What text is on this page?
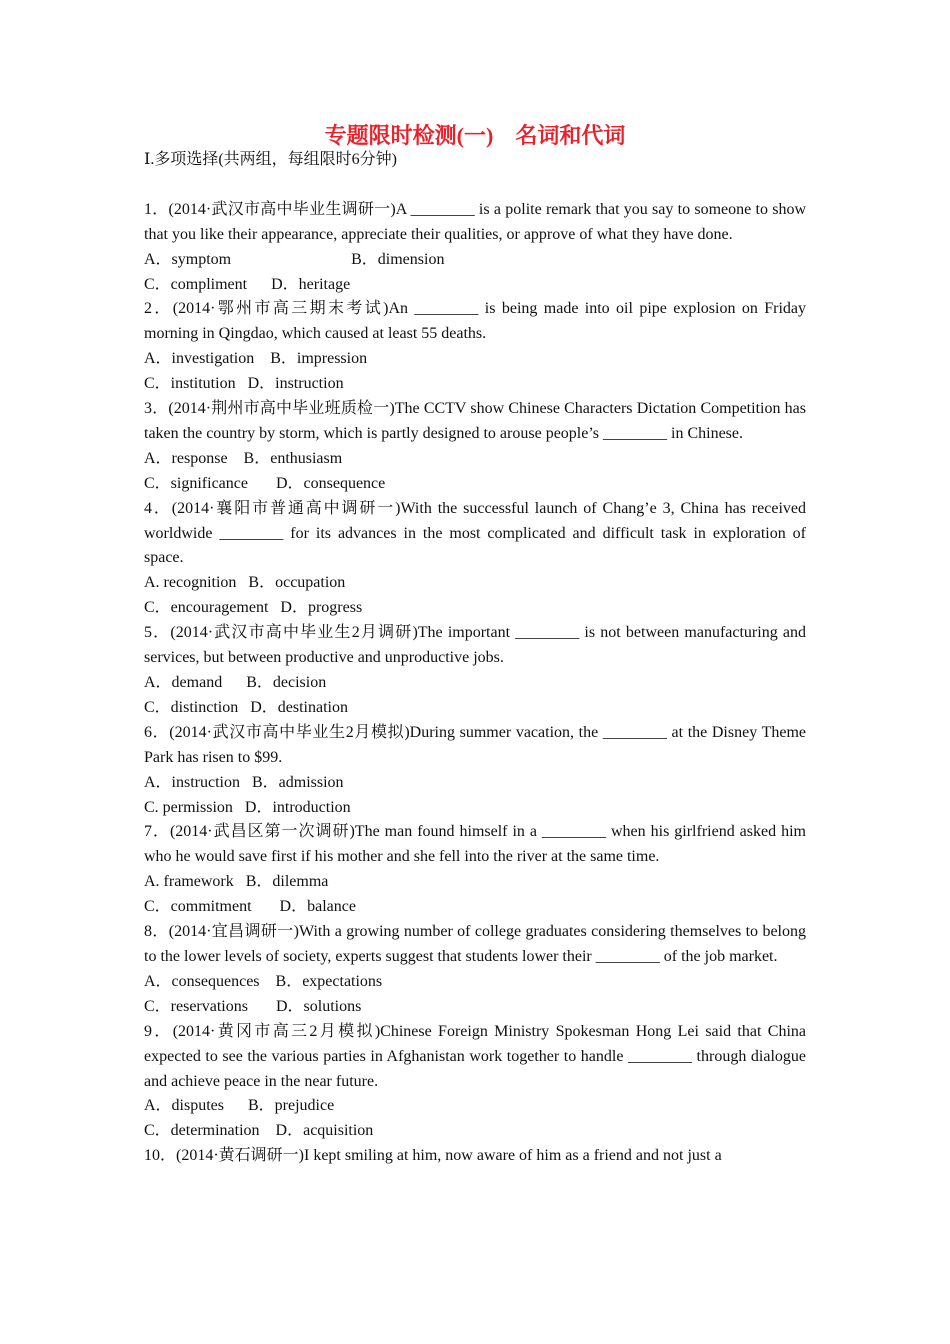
专题限时检测(一)　名词和代词
Ⅰ.多项选择(共两组，每组限时6分钟)
1．(2014·武汉市高中毕业生调研一)A ________ is a polite remark that you say to someone to show that you like their appearance, appreciate their qualities, or approve of what they have done.
A．symptom                              B．dimension
C．compliment      D．heritage
2．(2014·鄂州市高三期末考试)An ________ is being made into oil pipe explosion on Friday morning in Qingdao, which caused at least 55 deaths.
A．investigation    B．impression
C．institution   D．instruction
3．(2014·荆州市高中毕业班质检一)The CCTV show Chinese Characters Dictation Competition has taken the country by storm, which is partly designed to arouse people’s ________ in Chinese.
A．response    B．enthusiasm
C．significance       D．consequence
4．(2014·襄阳市普通高中调研一)With the successful launch of Chang’e 3, China has received worldwide ________ for its advances in the most complicated and difficult task in exploration of space.
A. recognition   B．occupation
C．encouragement   D．progress
5．(2014·武汉市高中毕业生2月调研)The important ________ is not between manufacturing and services, but between productive and unproductive jobs.
A．demand      B．decision
C．distinction   D．destination
6．(2014·武汉市高中毕业生2月模拟)During summer vacation, the ________ at the Disney Theme Park has risen to $99.
A．instruction   B．admission
C. permission   D．introduction
7．(2014·武昌区第一次调研)The man found himself in a ________ when his girlfriend asked him who he would save first if his mother and she fell into the river at the same time.
A. framework   B．dilemma
C．commitment       D．balance
8．(2014·宜昌调研一)With a growing number of college graduates considering themselves to belong to the lower levels of society, experts suggest that students lower their ________ of the job market.
A．consequences    B．expectations
C．reservations       D．solutions
9．(2014·黄冈市高三2月模拟)Chinese Foreign Ministry Spokesman Hong Lei said that China expected to see the various parties in Afghanistan work together to handle ________ through dialogue and achieve peace in the near future.
A．disputes      B．prejudice
C．determination    D．acquisition
10．(2014·黄石调研一)I kept smiling at him, now aware of him as a friend and not just a
